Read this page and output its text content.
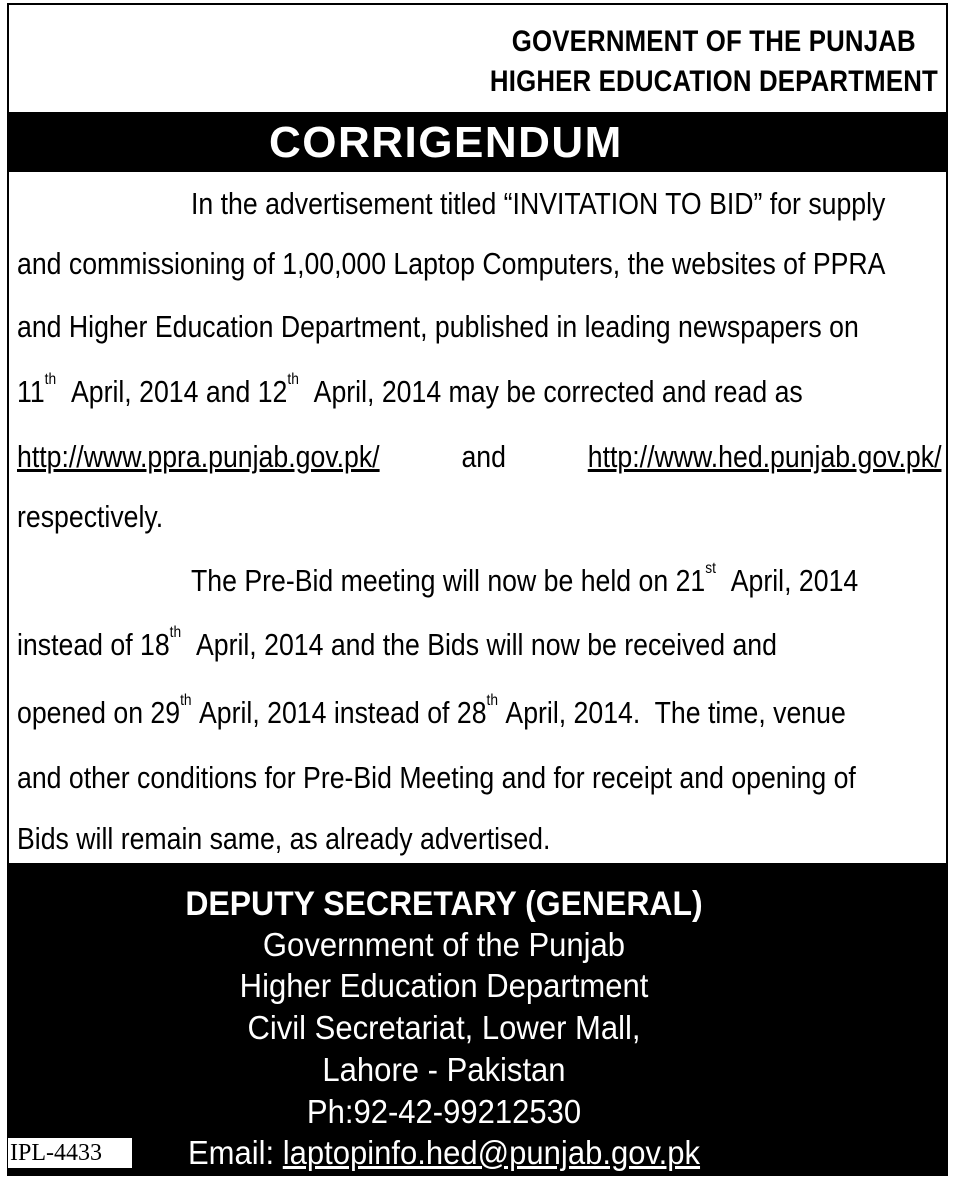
GOVERNMENT OF THE PUNJAB
HIGHER EDUCATION DEPARTMENT
CORRIGENDUM
In the advertisement titled “INVITATION TO BID” for supply
and commissioning of 1,00,000 Laptop Computers, the websites of PPRA
and Higher Education Department, published in leading newspapers on
11th April, 2014 and 12th April, 2014 may be corrected and read as
http://www.ppra.punjab.gov.pk/	and	http://www.hed.punjab.gov.pk/
respectively.
The Pre-Bid meeting will now be held on 21st April, 2014
instead of 18th April, 2014 and the Bids will now be received and
opened on 29th April, 2014 instead of 28th April, 2014.  The time, venue
and other conditions for Pre-Bid Meeting and for receipt and opening of
Bids will remain same, as already advertised.
DEPUTY SECRETARY (GENERAL)
Government of the Punjab
Higher Education Department
Civil Secretariat, Lower Mall,
Lahore - Pakistan
Ph:92-42-99212530
Email: laptopinfo.hed@punjab.gov.pk
IPL-4433
